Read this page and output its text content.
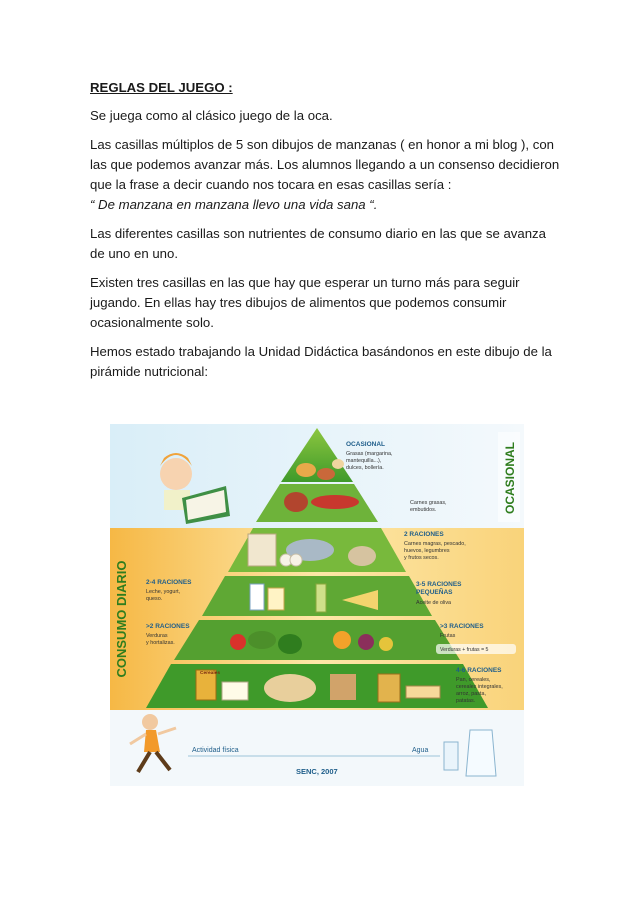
REGLAS DEL JUEGO :

Se juega como al clásico juego de la oca.

Las casillas múltiplos de 5 son dibujos de manzanas ( en honor a mi blog ), con las que podemos avanzar más. Los alumnos llegando a un consenso decidieron que la frase a decir cuando nos tocara en esas casillas sería :
“ De manzana en manzana llevo una vida sana “.

Las diferentes casillas son nutrientes de consumo diario en las que se avanza de uno en uno.

Existen tres casillas en las que hay que esperar un turno más para seguir jugando. En ellas hay tres dibujos de alimentos que podemos consumir ocasionalmente solo.

Hemos estado trabajando la Unidad Didáctica basándonos en este dibujo de la pirámide nutricional:

OCASIONAL
CONSUMO DIARIO
OCASIONAL
Grasas (margarina,
mantequilla...),
dulces, bollería.
Carnes grasas,
embutidos.
2 RACIONES
Carnes magras, pescado,
huevos, legumbres
y frutos secos.
2-4 RACIONES
Leche, yogurt,
queso.
3-5 RACIONES
PEQUEÑAS
Aceite de oliva
>2 RACIONES
Verduras
y hortalizas.
>3 RACIONES
Frutas
Verduras + frutas = 5
4-6 RACIONES
Pan, cereales,
cereales integrales,
arroz, pasta,
patatas.
Cereales
Actividad física	Agua
SENC, 2007
